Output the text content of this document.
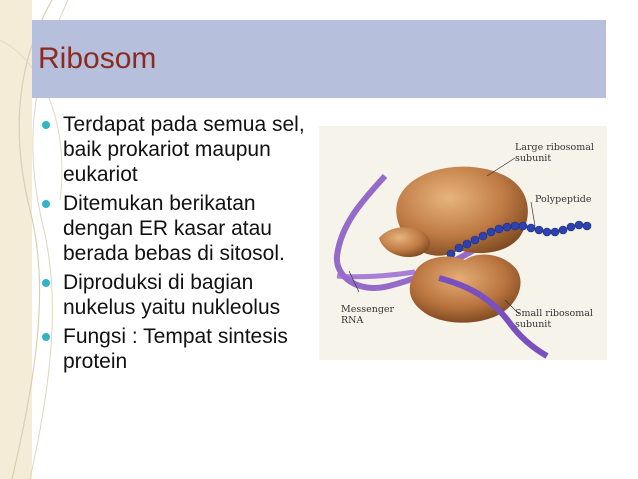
Ribosom
Terdapat pada semua sel, baik prokariot maupun eukariot
Ditemukan berikatan dengan ER kasar atau berada bebas di sitosol.
Diproduksi di bagian nukelus yaitu nukleolus
Fungsi : Tempat sintesis protein
Large ribosomal
subunit
Polypeptide
Messenger
RNA
Small ribosomal
subunit
